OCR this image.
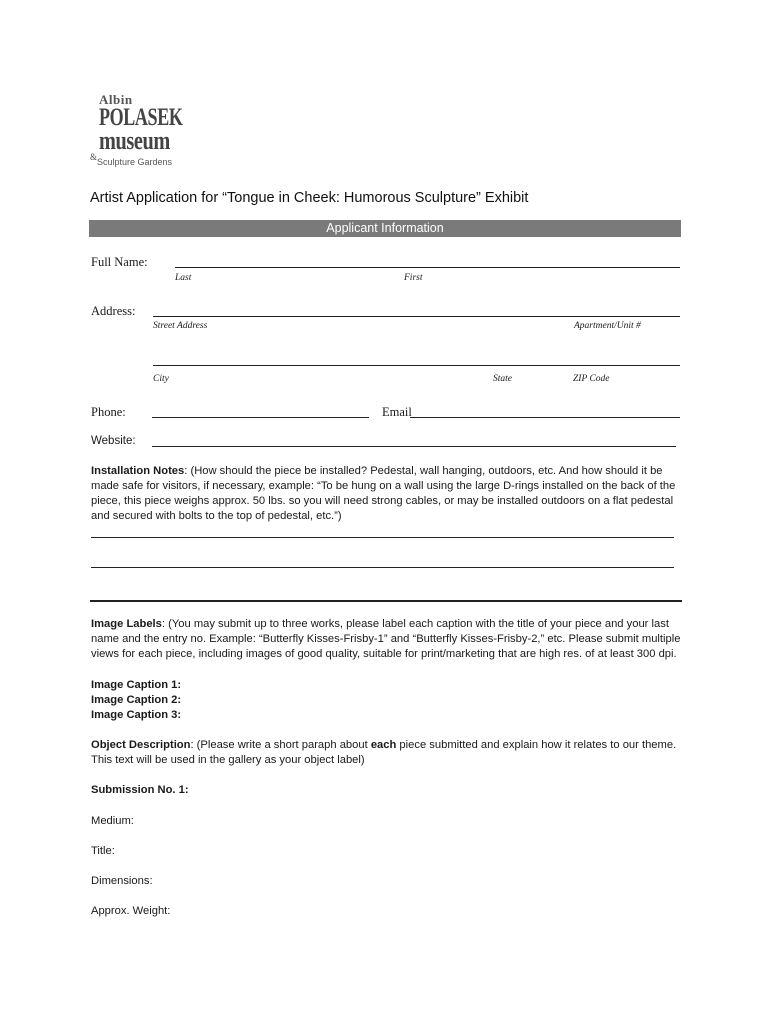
Albin
POLASEK
museum
& Sculpture Gardens
Artist Application for “Tongue in Cheek: Humorous Sculpture” Exhibit
Applicant Information
Full Name:
Last	First
Address:
Street Address	Apartment/Unit #
City	State	ZIP Code
Phone:	Email
Website:
Installation Notes: (How should the piece be installed? Pedestal, wall hanging, outdoors, etc. And how should it be
made safe for visitors, if necessary, example: “To be hung on a wall using the large D-rings installed on the back of the
piece, this piece weighs approx. 50 lbs. so you will need strong cables, or may be installed outdoors on a flat pedestal
and secured with bolts to the top of pedestal, etc.”)
Image Labels: (You may submit up to three works, please label each caption with the title of your piece and your last
name and the entry no. Example: “Butterfly Kisses-Frisby-1” and “Butterfly Kisses-Frisby-2,” etc. Please submit multiple
views for each piece, including images of good quality, suitable for print/marketing that are high res. of at least 300 dpi.
Image Caption 1:
Image Caption 2:
Image Caption 3:
Object Description: (Please write a short paraph about each piece submitted and explain how it relates to our theme.
This text will be used in the gallery as your object label)
Submission No. 1:
Medium:
Title:
Dimensions:
Approx. Weight:
